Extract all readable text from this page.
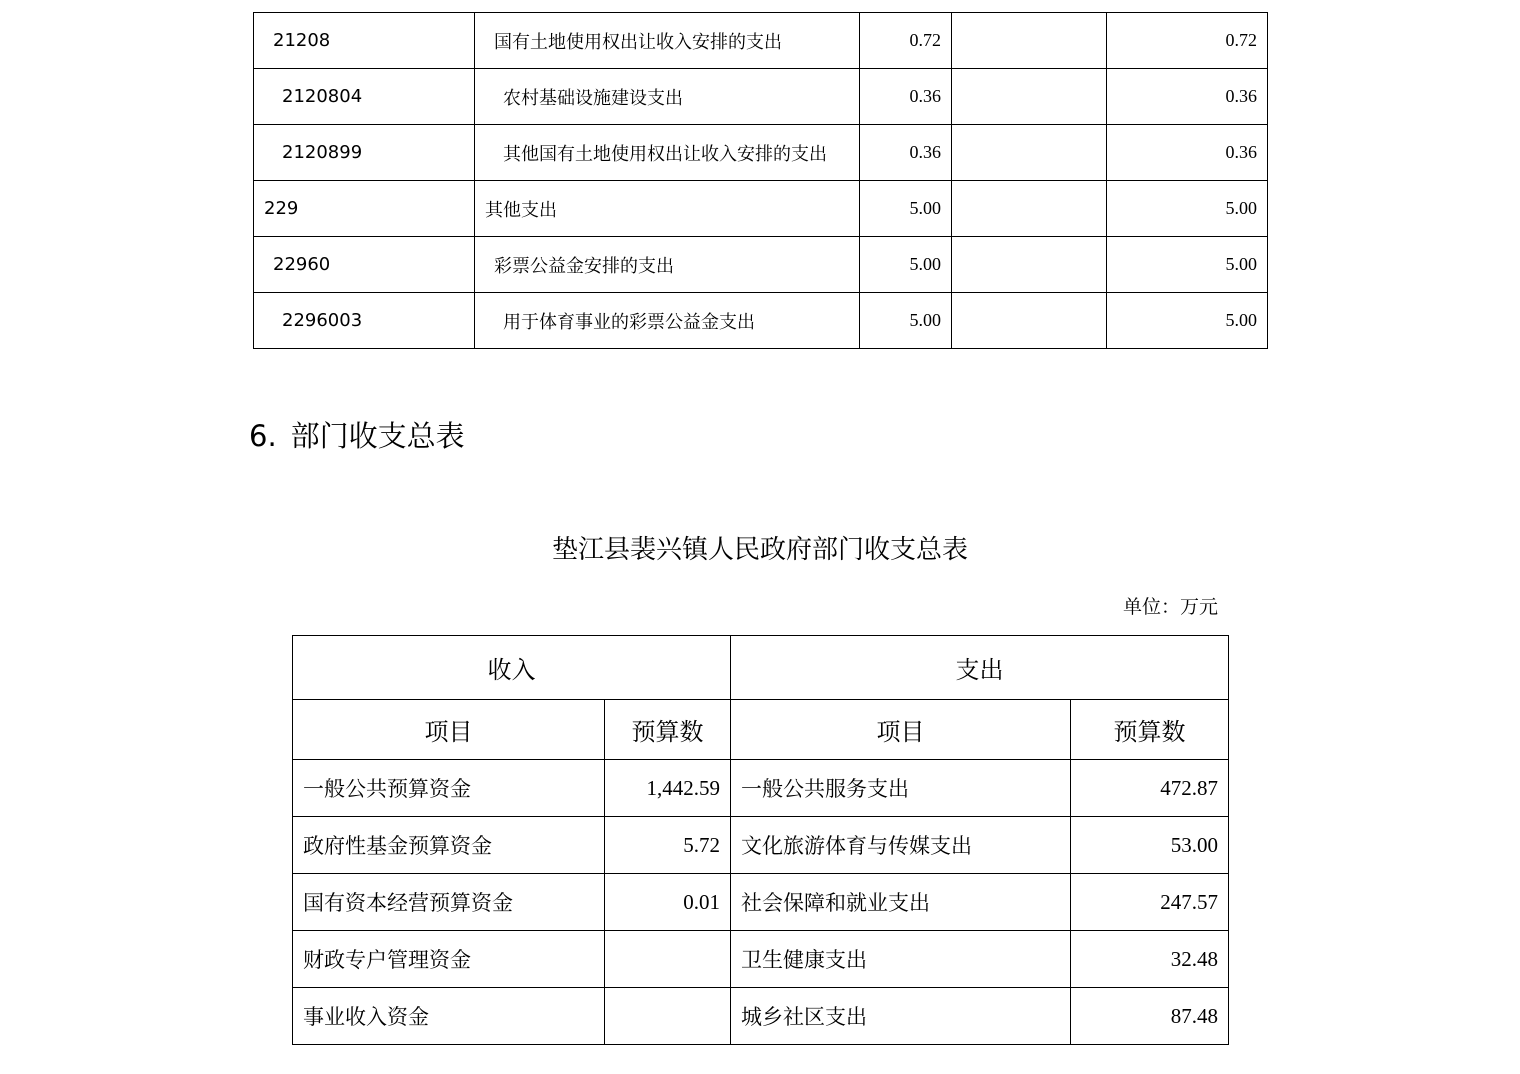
21208	国有土地使用权出让收入安排的支出	0.72		0.72
2120804	农村基础设施建设支出	0.36		0.36
2120899	其他国有土地使用权出让收入安排的支出	0.36		0.36
229	其他支出	5.00		5.00
22960	彩票公益金安排的支出	5.00		5.00
2296003	用于体育事业的彩票公益金支出	5.00		5.00
6. 部门收支总表
垫江县裴兴镇人民政府部门收支总表
单位：万元
收入		支出	
项目	预算数	项目	预算数
一般公共预算资金	1,442.59	一般公共服务支出	472.87
政府性基金预算资金	5.72	文化旅游体育与传媒支出	53.00
国有资本经营预算资金	0.01	社会保障和就业支出	247.57
财政专户管理资金		卫生健康支出	32.48
事业收入资金		城乡社区支出	87.48
